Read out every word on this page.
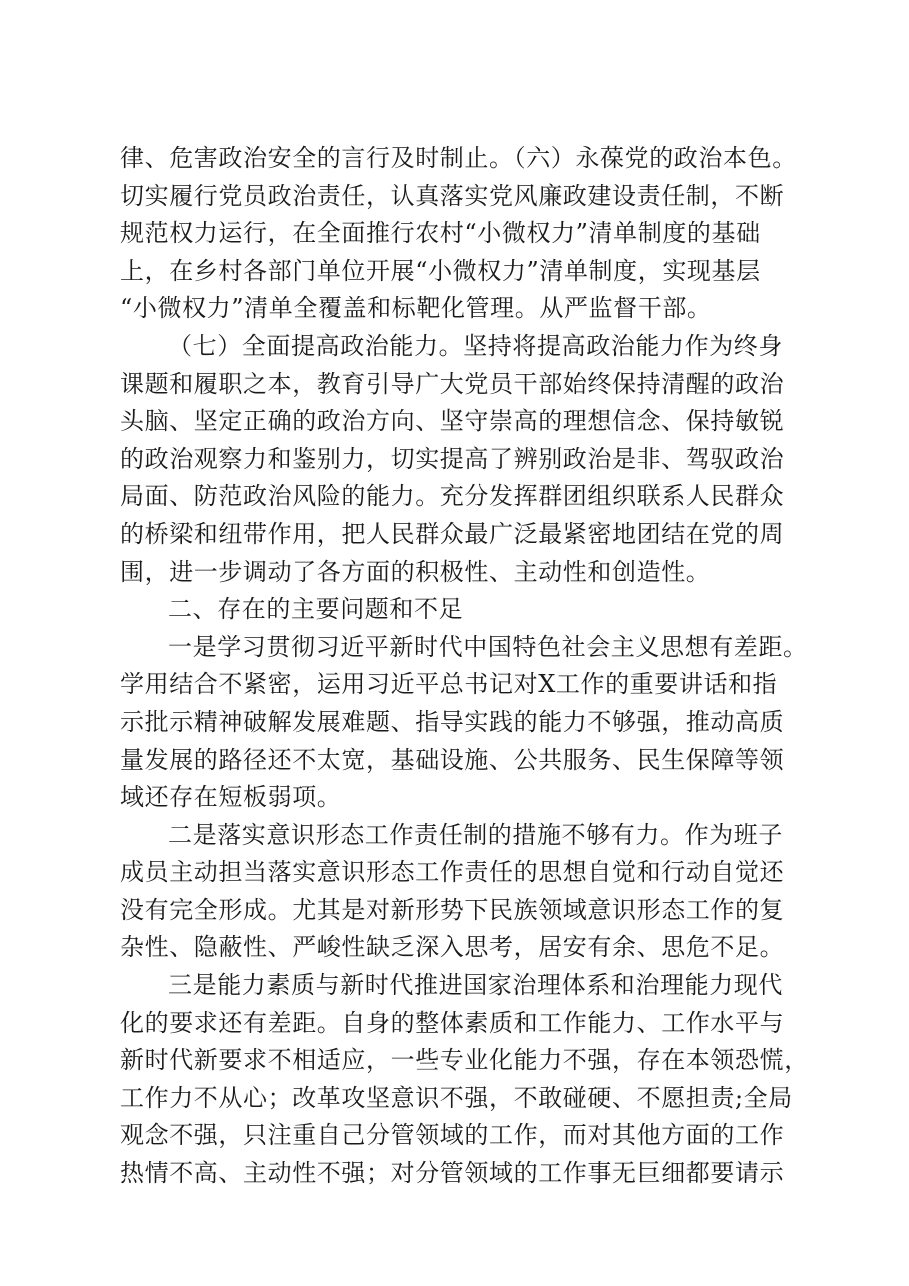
律、危害政治安全的言行及时制止。（六）永葆党的政治本色。
切实履行党员政治责任，认真落实党风廉政建设责任制，不断
规范权力运行，在全面推行农村“小微权力”清单制度的基础
上，在乡村各部门单位开展“小微权力”清单制度，实现基层
“小微权力”清单全覆盖和标靶化管理。从严监督干部。
（七）全面提高政治能力。坚持将提高政治能力作为终身
课题和履职之本，教育引导广大党员干部始终保持清醒的政治
头脑、坚定正确的政治方向、坚守崇高的理想信念、保持敏锐
的政治观察力和鉴别力，切实提高了辨别政治是非、驾驭政治
局面、防范政治风险的能力。充分发挥群团组织联系人民群众
的桥梁和纽带作用，把人民群众最广泛最紧密地团结在党的周
围，进一步调动了各方面的积极性、主动性和创造性。
二、存在的主要问题和不足
一是学习贯彻习近平新时代中国特色社会主义思想有差距。
学用结合不紧密，运用习近平总书记对X工作的重要讲话和指
示批示精神破解发展难题、指导实践的能力不够强，推动高质
量发展的路径还不太宽，基础设施、公共服务、民生保障等领
域还存在短板弱项。
二是落实意识形态工作责任制的措施不够有力。作为班子
成员主动担当落实意识形态工作责任的思想自觉和行动自觉还
没有完全形成。尤其是对新形势下民族领域意识形态工作的复
杂性、隐蔽性、严峻性缺乏深入思考，居安有余、思危不足。
三是能力素质与新时代推进国家治理体系和治理能力现代
化的要求还有差距。自身的整体素质和工作能力、工作水平与
新时代新要求不相适应，一些专业化能力不强，存在本领恐慌，
工作力不从心；改革攻坚意识不强，不敢碰硬、不愿担责;全局
观念不强，只注重自己分管领域的工作，而对其他方面的工作
热情不高、主动性不强；对分管领域的工作事无巨细都要请示
